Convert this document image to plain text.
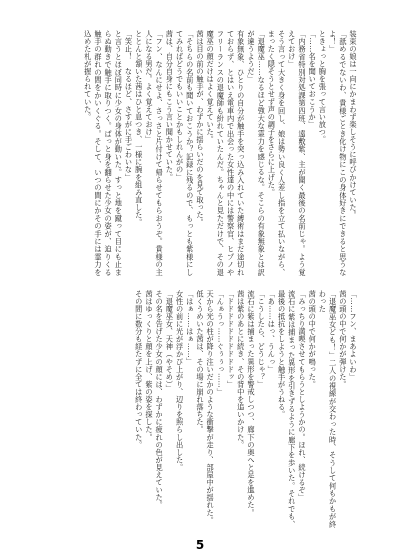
装束の娘は一向にかまわず楽しそうに呼びかけていた。

「舐めるでないわ、貴様ごとき化け物にこの身体好きにできると思うなよ！」

ときょっと胸を張って言い放つ。

「……名を聞いておこうか」

「内務省特別対処課第四班、遠敷紫、主が聞く最後の名前じゃ。よう覚えておけ」

そう言って大きく身を回し、娘は勢い良く人差し指を立て払いながら、まったく隠そうとせず声の調子をさらに上げた。

「退魔巫……なるほど強大な霊力を感じるな。そこらの有象無象とは訳が違うようだ」

有象無象、ひとりの自分が触手を突っ込み入れていた縛術はまだ途切れておらず、とはいえ電車内で出会った女性達の中には警察官、ヒプノやフリーランスの退魔師も紛れていたんだ。ちゃんと見ただけで、その退魔巫の顔だけはよく覚えていた。

茜は目の前の触手が、わずかに揺らいだのを見て取った。

「そちらの名前も聞いておこうか？記録に残るので、もっとも紫様にしてみればどうでもいいことかもしれんがの」

茜は、自分自身にもこう言い聞かせていた。

「フン、なんにせよ、さっさと片付けて帰らせてもらおうぞ。貴様の主人になる男だ。よく覚えておけ」

ととんと頷いた茜はひと息つき、一様に腕を組み直した。

「笑止！　なるほど、さすがに手ごわいな」

と言うとほぼ同時に少女の身体が動いた。すっと地を蹴って目にも止まらぬ動きで触手に取りつく。ぱっと身を翻らせた少女の姿が、迫りくる触手の群れの間をかいくぐる。そして、いつの間にかその手には霊力を込めた札が握られていた。

「……フン、まあよいわ」

茜の頭の中で何かが弾けた。

「退魔巫女ども！」二人の視線が交わった時、そうして何もかもが終わった

茜の頭の中で何かが鳴った。

「みっちり満喫させてもらうとしようかの。ほれ、続けるぞ」

流石に紫は捕まった異形を引きずるように廊下を歩いた。それでも、最後の抵抗をしようと触手がうねる。

「あ……はっ、うんっ」

「こうしたら、どうじゃ？」

流石に紫は捕まった異形を警戒しつつ、廊下の奥へと足を進めた。

茜は紫のあとに続き、その背中を追いかけた。

「ドドドドドドドドドドッ」

「んぁうっ……ぐぅぅっ……」

天から光の柱が降り注いだかのような衝撃が走り、部屋中が揺れた。

低くうめいた茜は、その場に崩れ落ちた。

「はぁ……はぁ……」

女性の前に光が浮かび上がり、辺りを照らし出した。

「退魔巫女、天神（やそめ）」

その名を告げた少女の顔には、わずかに疲れの色が見えていた。

茜はゆっくりと顔を上げ、紫の姿を探した。

その間に数分も経たずに全ては終わっていた。

5
